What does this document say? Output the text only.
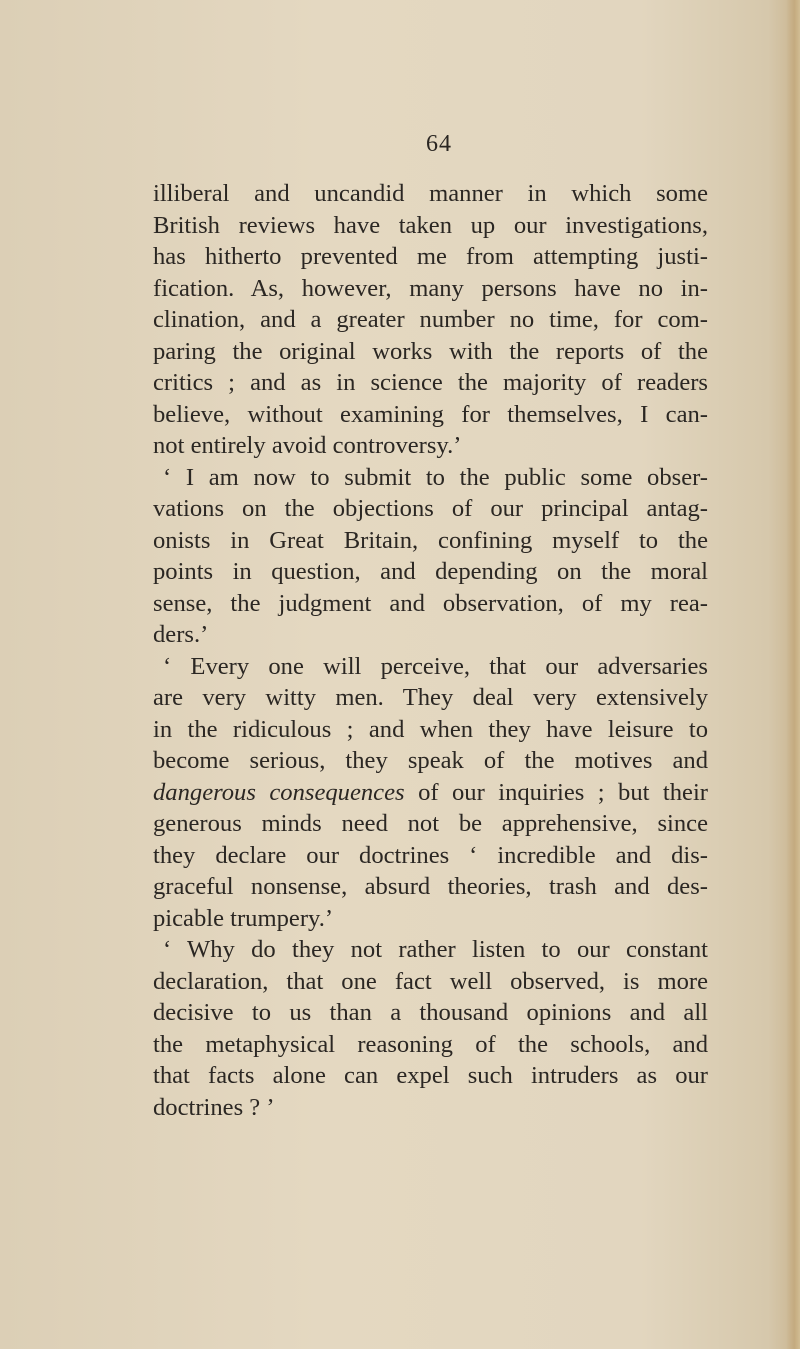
64
illiberal and uncandid manner in which some
British reviews have taken up our investigations,
has hitherto prevented me from attempting justi-
fication. As, however, many persons have no in-
clination, and a greater number no time, for com-
paring the original works with the reports of the
critics ; and as in science the majority of readers
believe, without examining for themselves, I can-
not entirely avoid controversy.’
‘ I am now to submit to the public some obser-
vations on the objections of our principal antag-
onists in Great Britain, confining myself to the
points in question, and depending on the moral
sense, the judgment and observation, of my rea-
ders.’
‘ Every one will perceive, that our adversaries
are very witty men. They deal very extensively
in the ridiculous ; and when they have leisure to
become serious, they speak of the motives and
dangerous consequences of our inquiries ; but their
generous minds need not be apprehensive, since
they declare our doctrines ‘ incredible and dis-
graceful nonsense, absurd theories, trash and des-
picable trumpery.’
‘ Why do they not rather listen to our constant
declaration, that one fact well observed, is more
decisive to us than a thousand opinions and all
the metaphysical reasoning of the schools, and
that facts alone can expel such intruders as our
doctrines ? ’
